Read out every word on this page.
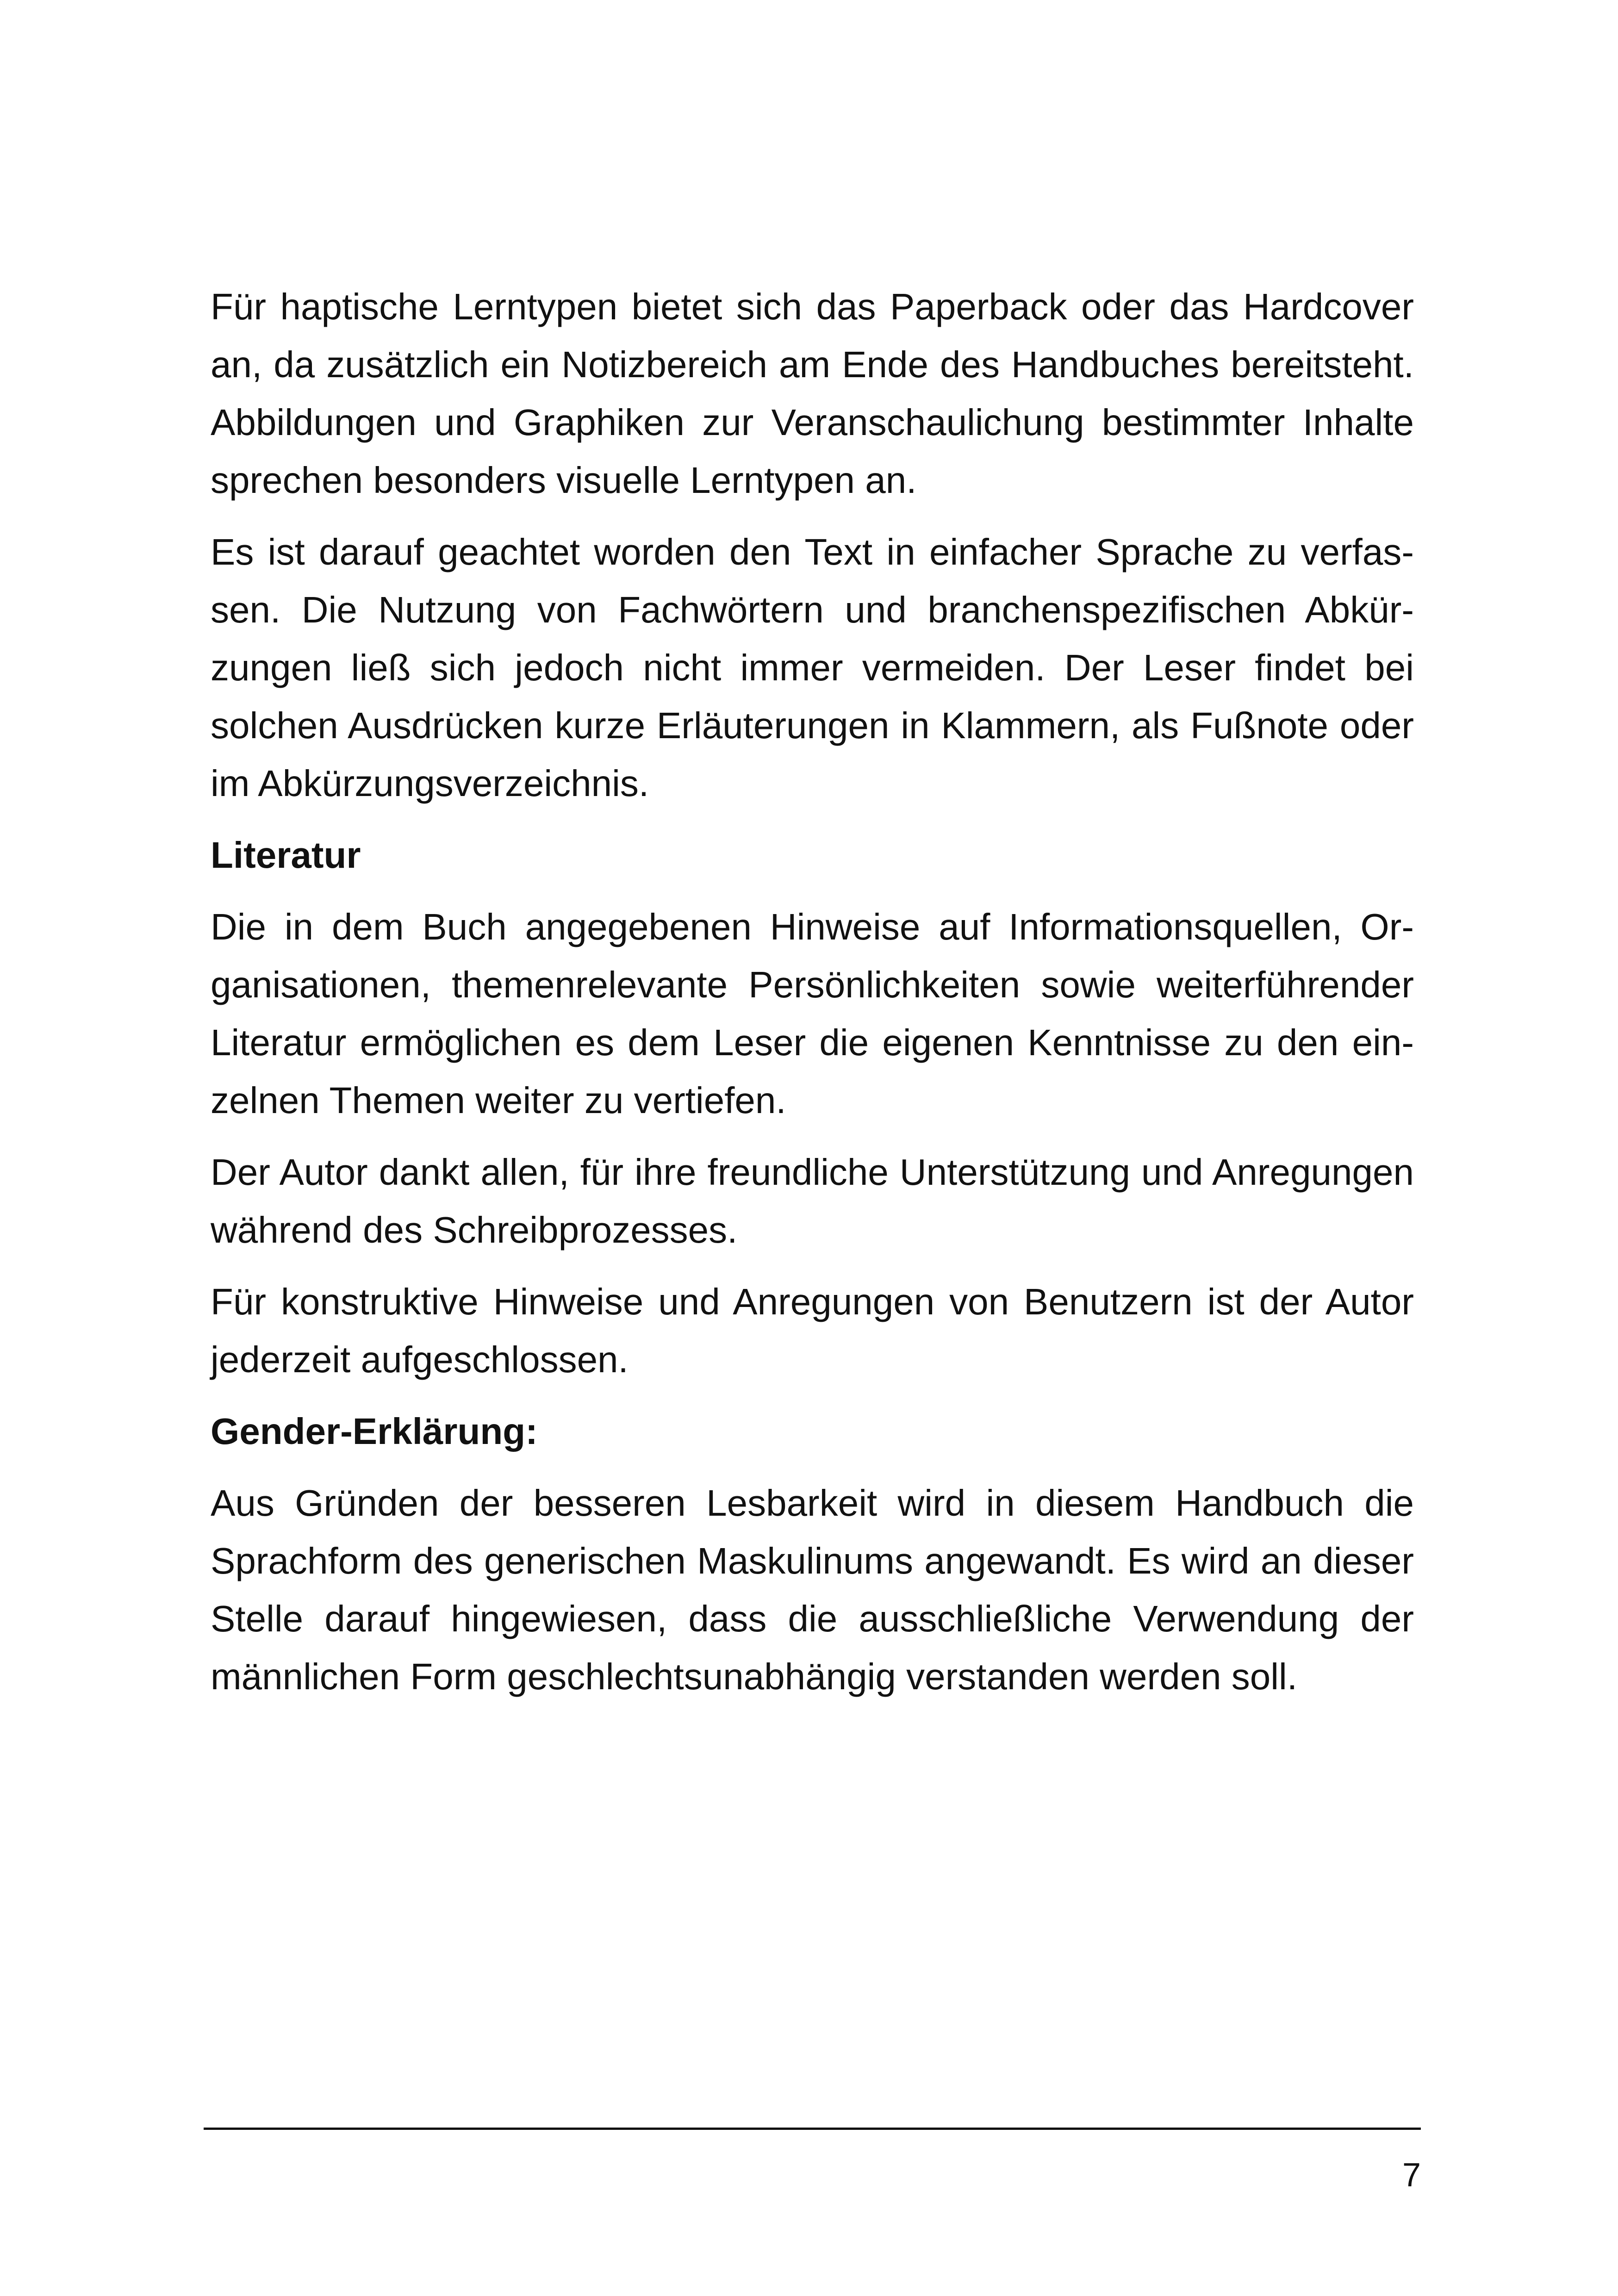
Für haptische Lerntypen bietet sich das Paperback oder das Hardcover an, da zusätzlich ein Notizbereich am Ende des Handbuches bereitsteht. Abbildungen und Graphiken zur Veranschaulichung bestimmter Inhalte sprechen besonders visuelle Lerntypen an.

Es ist darauf geachtet worden den Text in einfacher Sprache zu verfassen. Die Nutzung von Fachwörtern und branchenspezifischen Abkürzungen ließ sich jedoch nicht immer vermeiden. Der Leser findet bei solchen Ausdrücken kurze Erläuterungen in Klammern, als Fußnote oder im Abkürzungsverzeichnis.

Literatur

Die in dem Buch angegebenen Hinweise auf Informationsquellen, Organisationen, themenrelevante Persönlichkeiten sowie weiterführender Literatur ermöglichen es dem Leser die eigenen Kenntnisse zu den einzelnen Themen weiter zu vertiefen.

Der Autor dankt allen, für ihre freundliche Unterstützung und Anregungen während des Schreibprozesses.

Für konstruktive Hinweise und Anregungen von Benutzern ist der Autor jederzeit aufgeschlossen.

Gender-Erklärung:

Aus Gründen der besseren Lesbarkeit wird in diesem Handbuch die Sprachform des generischen Maskulinums angewandt. Es wird an dieser Stelle darauf hingewiesen, dass die ausschließliche Verwendung der männlichen Form geschlechtsunabhängig verstanden werden soll.

7
